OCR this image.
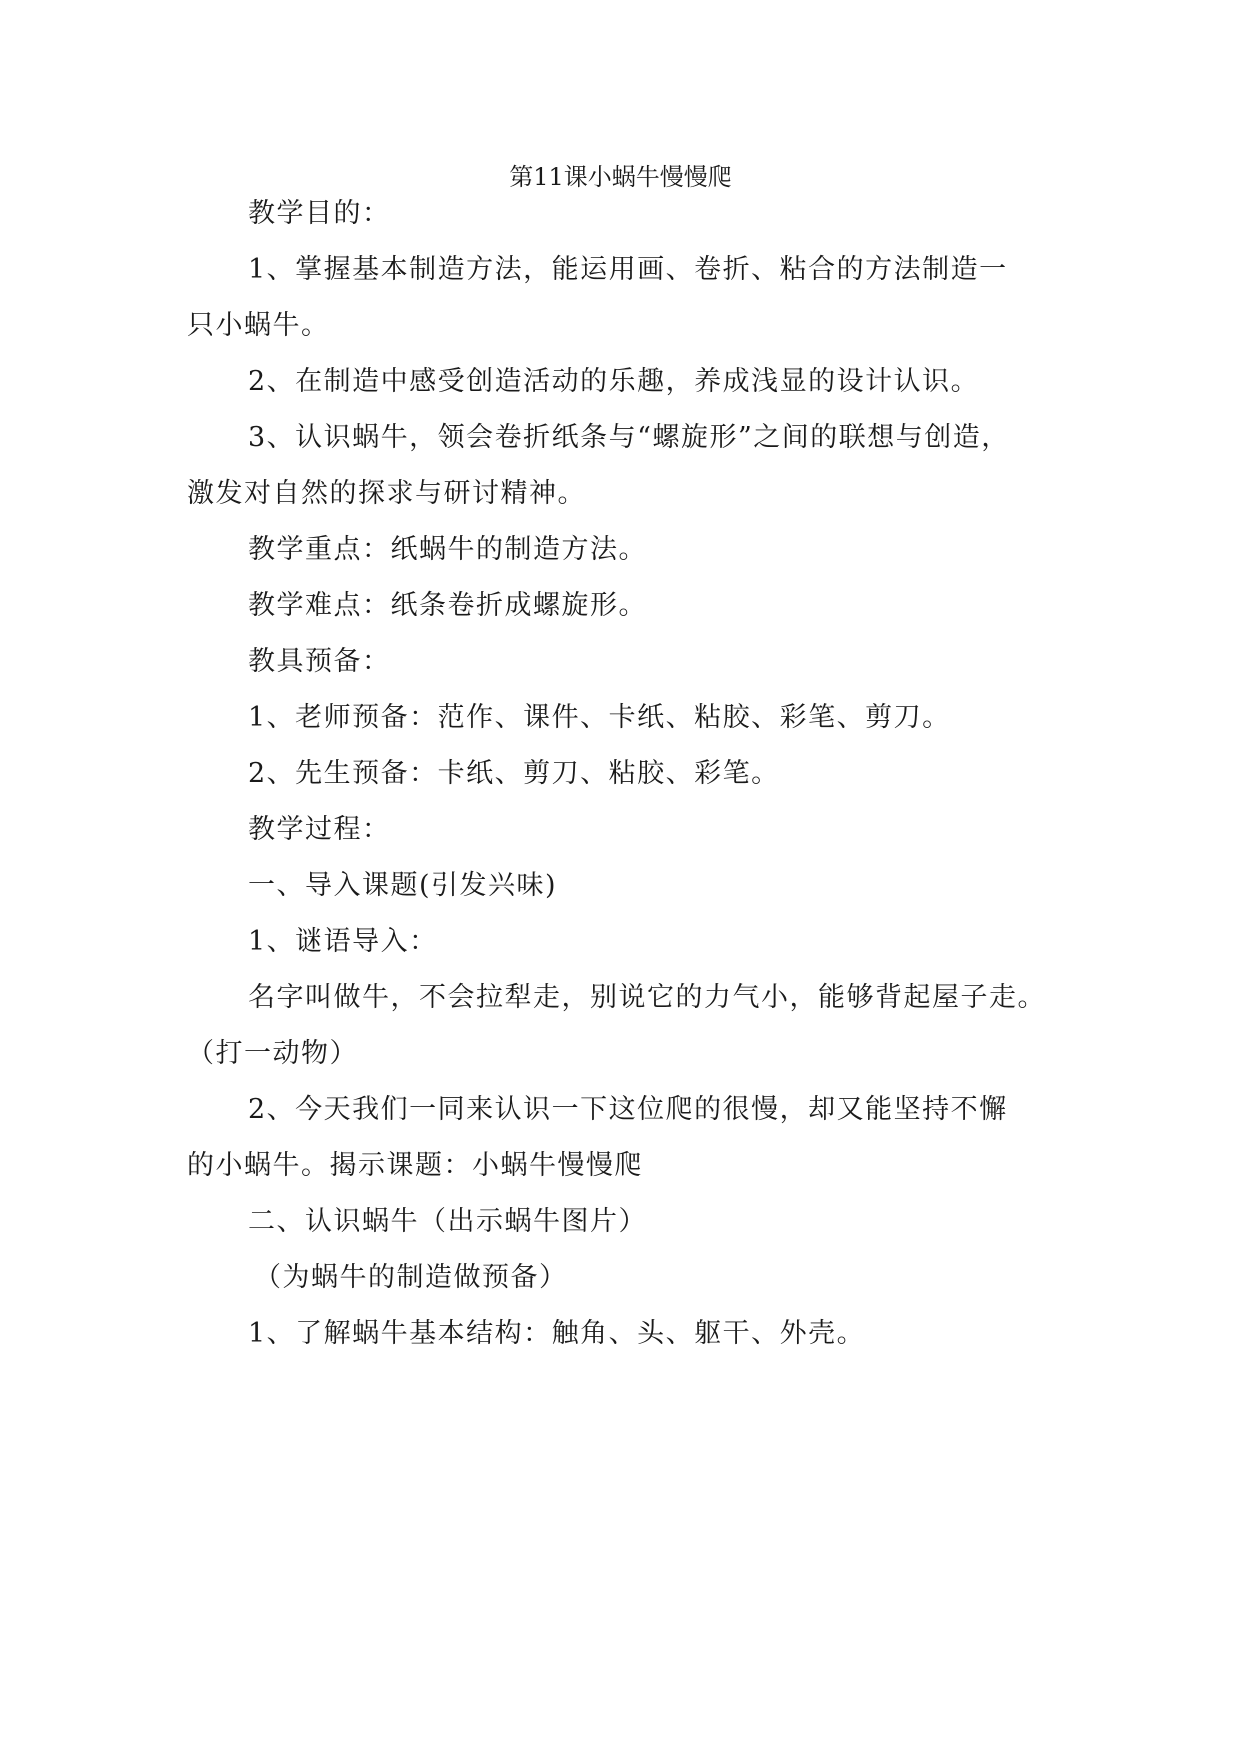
第11课小蜗牛慢慢爬
教学目的：
1、掌握基本制造方法，能运用画、卷折、粘合的方法制造一
只小蜗牛。
2、在制造中感受创造活动的乐趣，养成浅显的设计认识。
3、认识蜗牛，领会卷折纸条与“螺旋形”之间的联想与创造，
激发对自然的探求与研讨精神。
教学重点：纸蜗牛的制造方法。
教学难点：纸条卷折成螺旋形。
教具预备：
1、老师预备：范作、课件、卡纸、粘胶、彩笔、剪刀。
2、先生预备：卡纸、剪刀、粘胶、彩笔。
教学过程：
一、导入课题(引发兴味)
1、谜语导入：
名字叫做牛，不会拉犁走，别说它的力气小，能够背起屋子走。
（打一动物）
2、今天我们一同来认识一下这位爬的很慢，却又能坚持不懈
的小蜗牛。揭示课题：小蜗牛慢慢爬
二、认识蜗牛（出示蜗牛图片）
（为蜗牛的制造做预备）
1、了解蜗牛基本结构：触角、头、躯干、外壳。
